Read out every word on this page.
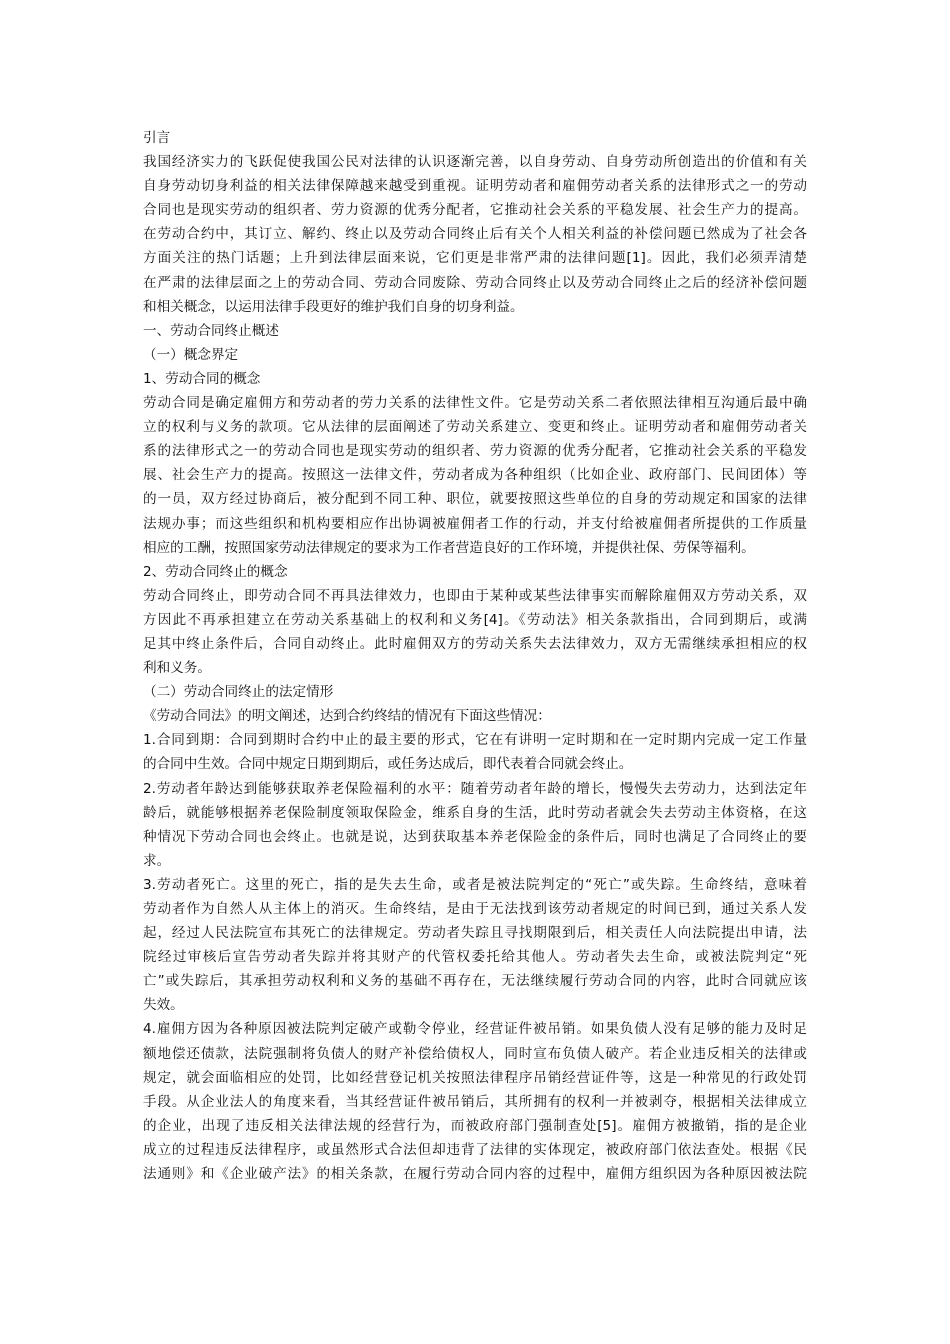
引言
我国经济实力的飞跃促使我国公民对法律的认识逐渐完善，以自身劳动、自身劳动所创造出的价值和有关
自身劳动切身利益的相关法律保障越来越受到重视。证明劳动者和雇佣劳动者关系的法律形式之一的劳动
合同也是现实劳动的组织者、劳力资源的优秀分配者，它推动社会关系的平稳发展、社会生产力的提高。
在劳动合约中，其订立、解约、终止以及劳动合同终止后有关个人相关利益的补偿问题已然成为了社会各
方面关注的热门话题；上升到法律层面来说，它们更是非常严肃的法律问题[1]。因此，我们必须弄清楚
在严肃的法律层面之上的劳动合同、劳动合同废除、劳动合同终止以及劳动合同终止之后的经济补偿问题
和相关概念，以运用法律手段更好的维护我们自身的切身利益。
一、劳动合同终止概述
（一）概念界定
1、劳动合同的概念
劳动合同是确定雇佣方和劳动者的劳力关系的法律性文件。它是劳动关系二者依照法律相互沟通后最中确
立的权利与义务的款项。它从法律的层面阐述了劳动关系建立、变更和终止。证明劳动者和雇佣劳动者关
系的法律形式之一的劳动合同也是现实劳动的组织者、劳力资源的优秀分配者，它推动社会关系的平稳发
展、社会生产力的提高。按照这一法律文件，劳动者成为各种组织（比如企业、政府部门、民间团体）等
的一员，双方经过协商后，被分配到不同工种、职位，就要按照这些单位的自身的劳动规定和国家的法律
法规办事；而这些组织和机构要相应作出协调被雇佣者工作的行动，并支付给被雇佣者所提供的工作质量
相应的工酬，按照国家劳动法律规定的要求为工作者营造良好的工作环境，并提供社保、劳保等福利。
2、劳动合同终止的概念
劳动合同终止，即劳动合同不再具法律效力，也即由于某种或某些法律事实而解除雇佣双方劳动关系，双
方因此不再承担建立在劳动关系基础上的权利和义务[4]。《劳动法》相关条款指出，合同到期后，或满
足其中终止条件后，合同自动终止。此时雇佣双方的劳动关系失去法律效力，双方无需继续承担相应的权
利和义务。
（二）劳动合同终止的法定情形
《劳动合同法》的明文阐述，达到合约终结的情况有下面这些情况：
1.合同到期：合同到期时合约中止的最主要的形式，它在有讲明一定时期和在一定时期内完成一定工作量
的合同中生效。合同中规定日期到期后，或任务达成后，即代表着合同就会终止。
2.劳动者年龄达到能够获取养老保险福利的水平：随着劳动者年龄的增长，慢慢失去劳动力，达到法定年
龄后，就能够根据养老保险制度领取保险金，维系自身的生活，此时劳动者就会失去劳动主体资格，在这
种情况下劳动合同也会终止。也就是说，达到获取基本养老保险金的条件后，同时也满足了合同终止的要
求。
3.劳动者死亡。这里的死亡，指的是失去生命，或者是被法院判定的“死亡”或失踪。生命终结，意味着
劳动者作为自然人从主体上的消灭。生命终结，是由于无法找到该劳动者规定的时间已到，通过关系人发
起，经过人民法院宣布其死亡的法律规定。劳动者失踪且寻找期限到后，相关责任人向法院提出申请，法
院经过审核后宣告劳动者失踪并将其财产的代管权委托给其他人。劳动者失去生命，或被法院判定“死
亡”或失踪后，其承担劳动权利和义务的基础不再存在，无法继续履行劳动合同的内容，此时合同就应该
失效。
4.雇佣方因为各种原因被法院判定破产或勒令停业，经营证件被吊销。如果负债人没有足够的能力及时足
额地偿还债款，法院强制将负债人的财产补偿给债权人，同时宣布负债人破产。若企业违反相关的法律或
规定，就会面临相应的处罚，比如经营登记机关按照法律程序吊销经营证件等，这是一种常见的行政处罚
手段。从企业法人的角度来看，当其经营证件被吊销后，其所拥有的权利一并被剥夺，根据相关法律成立
的企业，出现了违反相关法律法规的经营行为，而被政府部门强制查处[5]。雇佣方被撤销，指的是企业
成立的过程违反法律程序，或虽然形式合法但却违背了法律的实体现定，被政府部门依法查处。根据《民
法通则》和《企业破产法》的相关条款，在履行劳动合同内容的过程中，雇佣方组织因为各种原因被法院
